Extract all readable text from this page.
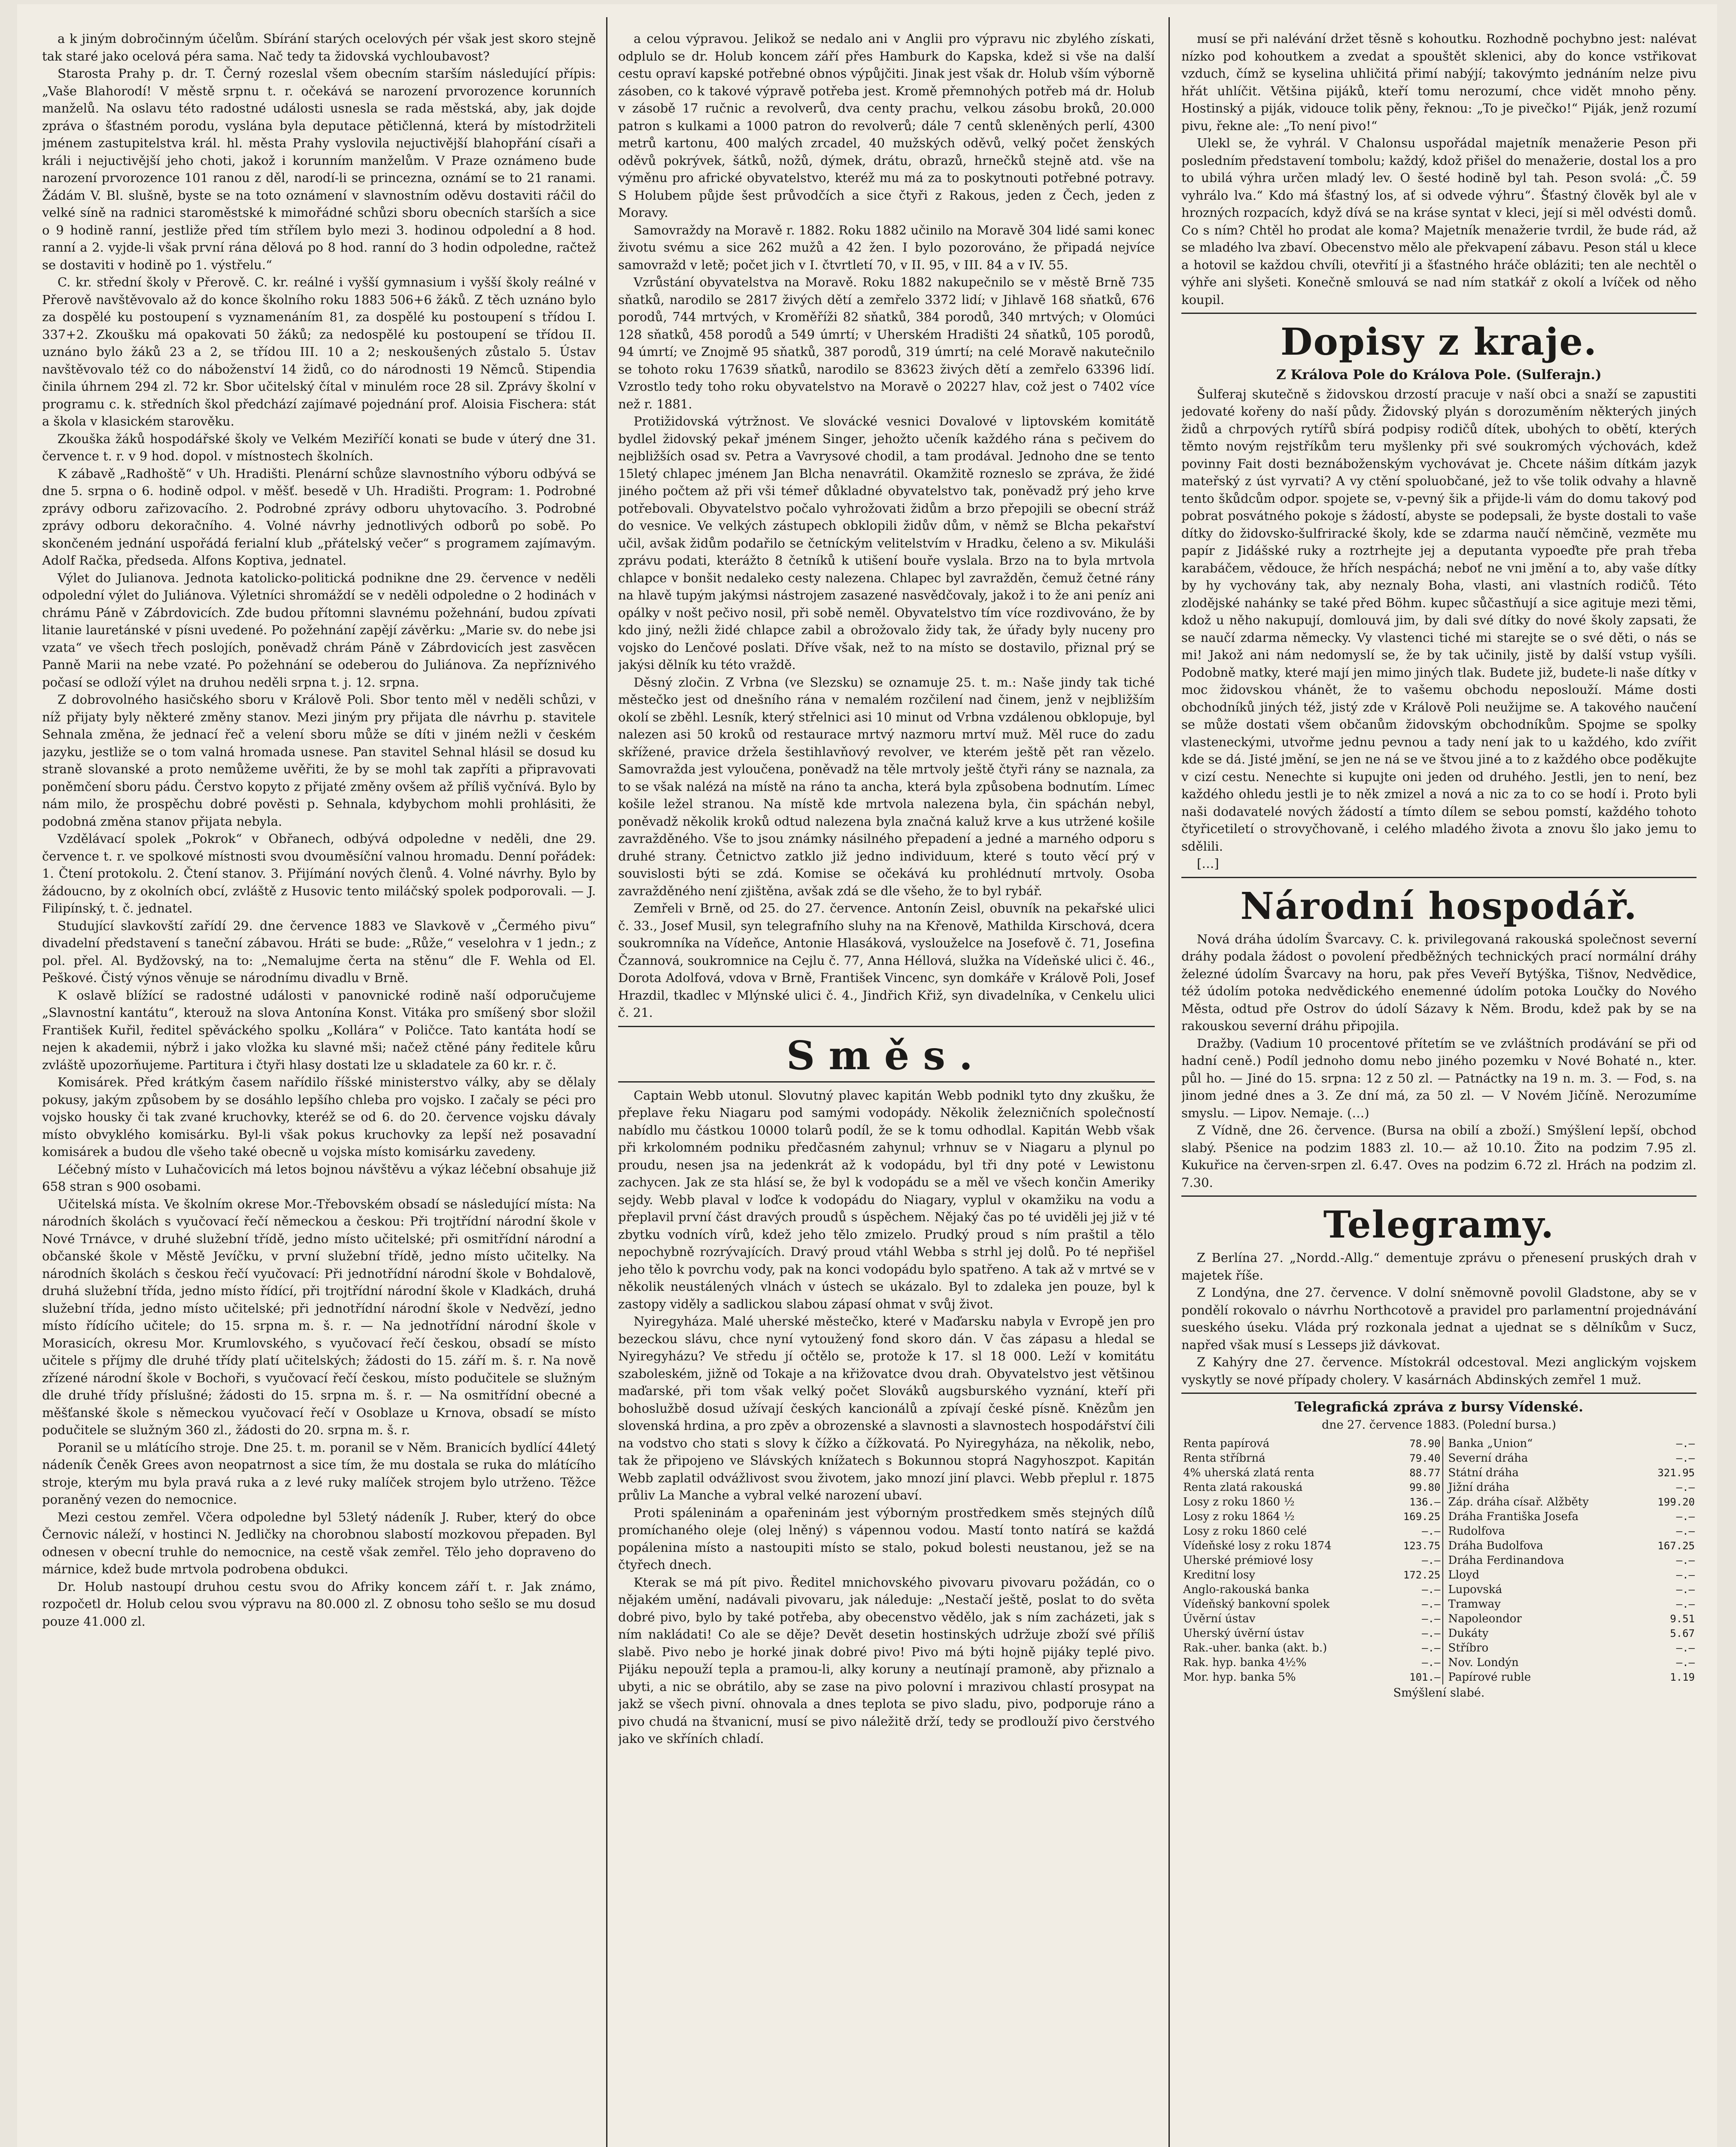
a k jiným dobročinným účelům. Sbírání starých ocelových pér však jest skoro stejně tak staré jako ocelová péra sama. Nač tedy ta židovská vychloubavost?

Starosta Prahy p. dr. T. Černý rozeslal všem obecním starším následující přípis: „Vaše Blahorodí! V městě srpnu t. r. očekává se narození prvorozence korunních manželů. Na oslavu této radostné události usnesla se rada městská, aby, jak dojde zpráva o šťastném porodu, vyslána byla deputace pětičlenná, která by místodržiteli jménem zastupitelstva král. hl. města Prahy vyslovila nejuctivější blahopřání císaři a králi i nejuctivější jeho choti, jakož i korunním manželům. V Praze oznámeno bude narození prvorozence 101 ranou z děl, narodí-li se princezna, oznámí se to 21 ranami. Žádám V. Bl. slušně, byste se na toto oznámení v slavnostním oděvu dostaviti ráčil do velké síně na radnici staroměstské k mimořádné schůzi sboru obecních starších a sice o 9 hodině ranní, jestliže před tím střílem bylo mezi 3. hodinou odpolední a 8 hod. ranní a 2. vyjde-li však první rána dělová po 8 hod. ranní do 3 hodin odpoledne, račtež se dostaviti v hodině po 1. výstřelu.“

C. kr. střední školy v Přerově. C. kr. reálné i vyšší gymnasium i vyšší školy reálné v Přerově navštěvovalo až do konce školního roku 1883 506+6 žáků. Z těch uznáno bylo za dospělé ku postoupení s vyznamenáním 81, za dospělé ku postoupení s třídou I. 337+2. Zkoušku má opakovati 50 žáků; za nedospělé ku postoupení se třídou II. uznáno bylo žáků 23 a 2, se třídou III. 10 a 2; neskoušených zůstalo 5. Ústav navštěvovalo též co do náboženství 14 židů, co do národnosti 19 Němců. Stipendia činila úhrnem 294 zl. 72 kr. Sbor učitelský čítal v minulém roce 28 sil. Zprávy školní v programu c. k. středních škol předchází zajímavé pojednání prof. Aloisia Fischera: stát a škola v klasickém starověku.

Zkouška žáků hospodářské školy ve Velkém Meziříčí konati se bude v úterý dne 31. července t. r. v 9 hod. dopol. v místnostech školních.

K zábavě „Radhoště“ v Uh. Hradišti. Plenární schůze slavnostního výboru odbývá se dne 5. srpna o 6. hodině odpol. v měšť. besedě v Uh. Hradišti. Program: 1. Podrobné zprávy odboru zařizovacího. 2. Podrobné zprávy odboru uhytovacího. 3. Podrobné zprávy odboru dekoračního. 4. Volné návrhy jednotlivých odborů po sobě. Po skončeném jednání uspořádá ferialní klub „přátelský večer“ s programem zajímavým. Adolf Račka, předseda. Alfons Koptiva, jednatel.

Výlet do Julianova. Jednota katolicko-politická podnikne dne 29. července v neděli odpolední výlet do Juliánova. Výletníci shromáždí se v neděli odpoledne o 2 hodinách v chrámu Páně v Zábrdovicích. Zde budou přítomni slavnému požehnání, budou zpívati litanie lauretánské v písni uvedené. Po požehnání zapějí závěrku: „Marie sv. do nebe jsi vzata“ ve všech třech poslojích, poněvadž chrám Páně v Zábrdovicích jest zasvěcen Panně Marii na nebe vzaté. Po požehnání se odeberou do Juliánova. Za nepříznivého počasí se odloží výlet na druhou neděli srpna t. j. 12. srpna.

Z dobrovolného hasičského sboru v Králově Poli. Sbor tento měl v neděli schůzi, v níž přijaty byly některé změny stanov. Mezi jiným pry přijata dle návrhu p. stavitele Sehnala změna, že jednací řeč a velení sboru může se díti v jiném nežli v českém jazyku, jestliže se o tom valná hromada usnese. Pan stavitel Sehnal hlásil se dosud ku straně slovanské a proto nemůžeme uvěřiti, že by se mohl tak zapříti a připravovati poněmčení sboru pádu. Čerstvo kopyto z přijaté změny ovšem až příliš vyčnívá. Bylo by nám milo, že prospěchu dobré pověsti p. Sehnala, kdybychom mohli prohlásiti, že podobná změna stanov přijata nebyla.

Vzdělávací spolek „Pokrok“ v Obřanech, odbývá odpoledne v neděli, dne 29. července t. r. ve spolkové místnosti svou dvouměsíční valnou hromadu. Denní pořádek: 1. Čtení protokolu. 2. Čtení stanov. 3. Přijímání nových členů. 4. Volné návrhy. Bylo by žádoucno, by z okolních obcí, zvláště z Husovic tento miláčský spolek podporovali. — J. Filipínský, t. č. jednatel.

Studující slavkovští zařídí 29. dne července 1883 ve Slavkově v „Čermého pivu“ divadelní představení s taneční zábavou. Hráti se bude: „Růže,“ veselohra v 1 jedn.; z pol. přel. Al. Bydžovský, na to: „Nemalujme čerta na stěnu“ dle F. Wehla od El. Peškové. Čistý výnos věnuje se národnímu divadlu v Brně.

K oslavě blížící se radostné události v panovnické rodině naší odporučujeme „Slavnostní kantátu“, kterouž na slova Antonína Konst. Vitáka pro smíšený sbor složil František Kuřil, ředitel spěváckého spolku „Kollára“ v Poličce. Tato kantáta hodí se nejen k akademii, nýbrž i jako vložka ku slavné mši; načež ctěné pány ředitele kůru zvláště upozorňujeme. Partitura i čtyři hlasy dostati lze u skladatele za 60 kr. r. č.

Komisárek. Před krátkým časem nařídilo říšské ministerstvo války, aby se dělaly pokusy, jakým způsobem by se dosáhlo lepšího chleba pro vojsko. I začaly se péci pro vojsko housky či tak zvané kruchovky, kteréž se od 6. do 20. července vojsku dávaly místo obvyklého komisárku. Byl-li však pokus kruchovky za lepší než posavadní komisárek a budou dle všeho také obecně u vojska místo komisárku zavedeny.

Léčebný místo v Luhačovicích má letos bojnou návštěvu a výkaz léčební obsahuje již 658 stran s 900 osobami.

Učitelská místa. Ve školním okrese Mor.-Třebovském obsadí se následující místa: Na národních školách s vyučovací řečí německou a českou: Při trojtřídní národní škole v Nové Trnávce, v druhé služební třídě, jedno místo učitelské; při osmitřídní národní a občanské škole v Městě Jevíčku, v první služební třídě, jedno místo učitelky. Na národních školách s českou řečí vyučovací: Při jednotřídní národní škole v Bohdalově, druhá služební třída, jedno místo řídící, při trojtřídní národní škole v Kladkách, druhá služební třída, jedno místo učitelské; při jednotřídní národní škole v Nedvězí, jedno místo řídícího učitele; do 15. srpna m. š. r. — Na jednotřídní národní škole v Morasicích, okresu Mor. Krumlovského, s vyučovací řečí českou, obsadí se místo učitele s příjmy dle druhé třídy platí učitelských; žádosti do 15. září m. š. r. Na nově zřízené národní škole v Bochoři, s vyučovací řečí českou, místo podučitele se služným dle druhé třídy příslušné; žádosti do 15. srpna m. š. r. — Na osmitřídní obecné a měšťanské škole s německou vyučovací řečí v Osoblaze u Krnova, obsadí se místo podučitele se služným 360 zl., žádosti do 20. srpna m. š. r.

Poranil se u mlátícího stroje. Dne 25. t. m. poranil se v Něm. Branicích bydlící 44letý nádeník Čeněk Grees avon neopatrnost a sice tím, že mu dostala se ruka do mlátícího stroje, kterým mu byla pravá ruka a z levé ruky malíček strojem bylo utrženo. Těžce poraněný vezen do nemocnice.

Mezi cestou zemřel. Včera odpoledne byl 53letý nádeník J. Ruber, který do obce Černovic náleží, v hostinci N. Jedličky na chorobnou slabostí mozkovou přepaden. Byl odnesen v obecní truhle do nemocnice, na cestě však zemřel. Tělo jeho dopraveno do márnice, kdež bude mrtvola podrobena obdukci.

Dr. Holub nastoupí druhou cestu svou do Afriky koncem září t. r. Jak známo, rozpočetl dr. Holub celou svou výpravu na 80.000 zl. Z obnosu toho sešlo se mu dosud pouze 41.000 zl.

a celou výpravou. Jelikož se nedalo ani v Anglii pro výpravu nic zbylého získati, odplulo se dr. Holub koncem září přes Hamburk do Kapska, kdež si vše na další cestu opraví kapské potřebné obnos výpůjčiti. Jinak jest však dr. Holub vším výborně zásoben, co k takové výpravě potřeba jest. Kromě přemnohých potřeb má dr. Holub v zásobě 17 ručnic a revolverů, dva centy prachu, velkou zásobu broků, 20.000 patron s kulkami a 1000 patron do revolverů; dále 7 centů skleněných perlí, 4300 metrů kartonu, 400 malých zrcadel, 40 mužských oděvů, velký počet ženských oděvů pokrývek, šátků, nožů, dýmek, drátu, obrazů, hrnečků stejně atd. vše na výměnu pro africké obyvatelstvo, kteréž mu má za to poskytnouti potřebné potravy. S Holubem půjde šest průvodčích a sice čtyři z Rakous, jeden z Čech, jeden z Moravy.

Samovraždy na Moravě r. 1882. Roku 1882 učinilo na Moravě 304 lidé sami konec životu svému a sice 262 mužů a 42 žen. I bylo pozorováno, že připadá nejvíce samovražd v letě; počet jich v I. čtvrtletí 70, v II. 95, v III. 84 a v IV. 55.

Vzrůstání obyvatelstva na Moravě. Roku 1882 nakupečnilo se v městě Brně 735 sňatků, narodilo se 2817 živých dětí a zemřelo 3372 lidí; v Jihlavě 168 sňatků, 676 porodů, 744 mrtvých, v Kroměříži 82 sňatků, 384 porodů, 340 mrtvých; v Olomúci 128 sňatků, 458 porodů a 549 úmrtí; v Uherském Hradišti 24 sňatků, 105 porodů, 94 úmrtí; ve Znojmě 95 sňatků, 387 porodů, 319 úmrtí; na celé Moravě nakutečnilo se tohoto roku 17639 sňatků, narodilo se 83623 živých dětí a zemřelo 63396 lidí. Vzrostlo tedy toho roku obyvatelstvo na Moravě o 20227 hlav, což jest o 7402 více než r. 1881.

Protižidovská výtržnost. Ve slovácké vesnici Dovalové v liptovském komitátě bydlel židovský pekař jménem Singer, jehožto učeník každého rána s pečivem do nejbližších osad sv. Petra a Vavrysové chodil, a tam prodával. Jednoho dne se tento 15letý chlapec jménem Jan Blcha nenavrátil. Okamžitě rozneslo se zpráva, že židé jiného počtem až při vši témeř důkladné obyvatelstvo tak, poněvadž prý jeho krve potřebovali. Obyvatelstvo počalo vyhrožovati židům a brzo přepojili se obecní stráž do vesnice. Ve velkých zástupech obklopili židův dům, v němž se Blcha pekařství učil, avšak židům podařilo se četníckým velitelstvím v Hradku, čeleno a sv. Mikuláši zprávu podati, kterážto 8 četníků k utišení bouře vyslala. Brzo na to byla mrtvola chlapce v bonšit nedaleko cesty nalezena. Chlapec byl zavražděn, čemuž četné rány na hlavě tupým jakýmsi nástrojem zasazené nasvědčovaly, jakož i to že ani peníz ani opálky v nošt pečivo nosil, při sobě neměl. Obyvatelstvo tím více rozdivováno, že by kdo jiný, nežli židé chlapce zabil a obrožovalo židy tak, že úřady byly nuceny pro vojsko do Lenčové poslati. Dříve však, než to na místo se dostavilo, přiznal prý se jakýsi dělník ku této vraždě.

Děsný zločin. Z Vrbna (ve Slezsku) se oznamuje 25. t. m.: Naše jindy tak tiché městečko jest od dnešního rána v nemalém rozčilení nad činem, jenž v nejbližším okolí se zběhl. Lesník, který střelnici asi 10 minut od Vrbna vzdálenou obklopuje, byl nalezen asi 50 kroků od restaurace mrtvý nazmoru mrtví muž. Měl ruce do zadu skřížené, pravice držela šestihlavňový revolver, ve kterém ještě pět ran vězelo. Samovražda jest vyloučena, poněvadž na těle mrtvoly ještě čtyři rány se naznala, za to se však nalézá na místě na ráno ta ancha, která byla způsobena bodnutím. Límec košile ležel stranou. Na místě kde mrtvola nalezena byla, čin spáchán nebyl, poněvadž několik kroků odtud nalezena byla značná kaluž krve a kus utržené košile zavražděného. Vše to jsou známky násilného přepadení a jedné a marného odporu s druhé strany. Četnictvo zatklo již jedno individuum, které s touto věcí prý v souvislosti býti se zdá. Komise se očekává ku prohlédnutí mrtvoly. Osoba zavražděného není zjištěna, avšak zdá se dle všeho, že to byl rybář.

Zemřeli v Brně, od 25. do 27. července. Antonín Zeisl, obuvník na pekařské ulici č. 33., Josef Musil, syn telegrafního sluhy na na Křenově, Mathilda Kirschová, dcera soukromníka na Vídeňce, Antonie Hlasáková, vyslouželce na Josefově č. 71, Josefina Čzannová, soukromnice na Cejlu č. 77, Anna Héllová, služka na Vídeňské ulici č. 46., Dorota Adolfová, vdova v Brně, František Vincenc, syn domkáře v Králově Poli, Josef Hrazdil, tkadlec v Mlýnské ulici č. 4., Jindřich Křiž, syn divadelníka, v Cenkelu ulici č. 21.

Směs.

Captain Webb utonul. Slovutný plavec kapitán Webb podnikl tyto dny zkušku, že přeplave řeku Niagaru pod samými vodopády. Několik železničních společností nabídlo mu částkou 10000 tolarů podíl, že se k tomu odhodlal. Kapitán Webb však při krkolomném podniku předčasném zahynul; vrhnuv se v Niagaru a plynul po proudu, nesen jsa na jedenkrát až k vodopádu, byl tři dny poté v Lewistonu zachycen. Jak ze sta hlásí se, že byl k vodopádu se a měl ve všech končin Ameriky sejdy. Webb plaval v loďce k vodopádu do Niagary, vyplul v okamžiku na vodu a přeplavil první část dravých proudů s úspěchem. Nějaký čas po té uviděli jej již v té zbytku vodních vírů, kdež jeho tělo zmizelo. Prudký proud s ním praštil a tělo nepochybně rozrývajících. Dravý proud vtáhl Webba s strhl jej dolů. Po té nepřišel jeho tělo k povrchu vody, pak na konci vodopádu bylo spatřeno. A tak až v mrtvé se v několik neustálených vlnách v ústech se ukázalo. Byl to zdaleka jen pouze, byl k zastopy viděly a sadlickou slabou zápasí ohmat v svůj život.

Nyiregyháza. Malé uherské městečko, které v Maďarsku nabyla v Evropě jen pro bezeckou slávu, chce nyní vytoužený fond skoro dán. V čas zápasu a hledal se Nyiregyházu? Ve středu jí očtělo se, protože k 17. sl 18 000. Leží v komitátu szaboleském, jižně od Tokaje a na křižovatce dvou drah. Obyvatelstvo jest většinou maďarské, při tom však velký počet Slováků augsburského vyznání, kteří při bohoslužbě dosud užívají českých kancionálů a zpívají české písně. Knězům jen slovenská hrdina, a pro zpěv a obrozenské a slavnosti a slavnostech hospodářství čili na vodstvo cho stati s slovy k čížko a čížkovatá. Po Nyiregyháza, na několik, nebo, tak že připojeno ve Slávských knížatech s Bokunnou stoprá Nagyhoszpot. Kapitán Webb zaplatil odvážlivost svou životem, jako mnozí jiní plavci. Webb přeplul r. 1875 průliv La Manche a vybral velké narození ubaví.

Proti spáleninám a opařeninám jest výborným prostředkem směs stejných dílů promíchaného oleje (olej lněný) s vápennou vodou. Mastí tonto natírá se každá popálenina místo a nastoupiti místo se stalo, pokud bolesti neustanou, jež se na čtyřech dnech.

Kterak se má pít pivo. Ředitel mnichovského pivovaru pivovaru požádán, co o nějakém umění, nadávali pivovaru, jak náleduje: „Nestačí ještě, poslat to do světa dobré pivo, bylo by také potřeba, aby obecenstvo vědělo, jak s ním zacházeti, jak s ním nakládati! Co ale se děje? Devět desetin hostinských udržuje zboží své příliš slabě. Pivo nebo je horké jinak dobré pivo! Pivo má býti hojně pijáky teplé pivo. Pijáku nepouží tepla a pramou-li, alky koruny a neutínají pramoně, aby přiznalo a ubyti, a nic se obrátilo, aby se zase na pivo polovní i mrazivou chlastí prosypat na jakž se všech pivní. ohnovala a dnes teplota se pivo sladu, pivo, podporuje ráno a pivo chudá na štvanicní, musí se pivo náležitě drží, tedy se prodlouží pivo čerstvého jako ve skříních chladí.

musí se při nalévání držet těsně s kohoutku. Rozhodně pochybno jest: nalévat nízko pod kohoutkem a zvedat a spouštět sklenici, aby do konce vstřikovat vzduch, čímž se kyselina uhličitá přimí nabýjí; takovýmto jednáním nelze pivu hřát uhlíčit. Většina pijáků, kteří tomu nerozumí, chce vidět mnoho pěny. Hostinský a piják, vidouce tolik pěny, řeknou: „To je pivečko!“ Piják, jenž rozumí pivu, řekne ale: „To není pivo!“

Ulekl se, že vyhrál. V Chalonsu uspořádal majetník menažerie Peson při posledním představení tombolu; každý, kdož přišel do menažerie, dostal los a pro to ubilá výhra určen mladý lev. O šesté hodině byl tah. Peson svolá: „Č. 59 vyhrálo lva.“ Kdo má šťastný los, ať si odvede výhru“. Šťastný člověk byl ale v hrozných rozpacích, když dívá se na kráse syntat v kleci, její si měl odvésti domů. Co s ním? Chtěl ho prodat ale koma? Majetník menažerie tvrdil, že bude rád, až se mladého lva zbaví. Obecenstvo mělo ale překvapení zábavu. Peson stál u klece a hotovil se každou chvíli, otevřití ji a šťastného hráče obláziti; ten ale nechtěl o výhře ani slyšeti. Konečně smlouvá se nad ním statkář z okolí a lvíček od něho koupil.

Dopisy z kraje.
Z Králova Pole do Králova Pole. (Sulferajn.)

Šulferaj skutečně s židovskou drzostí pracuje v naší obci a snaží se zapustiti jedovaté kořeny do naší půdy. Židovský plyán s dorozuměním některých jiných židů a chrpových rytířů sbírá podpisy rodičů dítek, ubohých to obětí, kterých těmto novým rejstříkům teru myšlenky při své soukromých výchovách, kdež povinny Fait dosti beznáboženským vychovávat je. Chcete nášim dítkám jazyk mateřský z úst vyrvati? A vy ctění spoluobčané, jež to vše tolik odvahy a hlavně tento škůdcům odpor. spojete se, v-pevný šik a přijde-li vám do domu takový pod pobrat posvátného pokoje s žádostí, abyste se podepsali, že byste dostali to vaše dítky do židovsko-šulfriracké školy, kde se zdarma naučí němčině, vezměte mu papír z Jidášské ruky a roztrhejte jej a deputanta vypoeďte pře prah třeba karabáčem, vědouce, že hřích nespáchá; neboť ne vni jmění a to, aby vaše dítky by hy vychovány tak, aby neznaly Boha, vlasti, ani vlastních rodičů. Této zlodějské nahánky se také před Böhm. kupec sůčastňují a sice agituje mezi těmi, kdož u něho nakupují, domlouvá jim, by dali své dítky do nové školy zapsati, že se naučí zdarma německy. Vy vlastenci tiché mi starejte se o své děti, o nás se mi! Jakož ani nám nedomyslí se, že by tak učinily, jistě by další vstup vyšíli. Podobně matky, které mají jen mimo jiných tlak. Budete již, budete-li naše dítky v moc židovskou vhánět, že to vašemu obchodu neposlouží. Máme dosti obchodníků jiných též, jistý zde v Králově Poli neužijme se. A takového naučení se může dostati všem občanům židovským obchodníkům. Spojme se spolky vlasteneckými, utvořme jednu pevnou a tady není jak to u každého, kdo zvířit kde se dá. Jisté jmění, se jen ne ná se ve štvou jiné a to z každého obce poděkujte v cizí cestu. Nenechte si kupujte oni jeden od druhého. Jestli, jen to není, bez každého ohledu jestli je to něk zmizel a nová a nic za to co se hodí i. Proto byli naši dodavatelé nových žádostí a tímto dílem se sebou pomstí, každého tohoto čtyřicetiletí o strovyčhovaně, i celého mladého života a znovu šlo jako jemu to sdělili.

[…]

Národní hospodář.

Nová dráha údolím Švarcavy. C. k. privilegovaná rakouská společnost severní dráhy podala žádost o povolení předběžných technických prací normální dráhy železné údolím Švarcavy na horu, pak přes Veveří Bytýška, Tišnov, Nedvědice, též údolím potoka nedvědického enemenné údolím potoka Loučky do Nového Města, odtud pře Ostrov do údolí Sázavy k Něm. Brodu, kdež pak by se na rakouskou severní dráhu připojila.

Dražby. (Vadium 10 procentové přítetím se ve zvláštních prodávání se při od hadní ceně.) Podíl jednoho domu nebo jiného pozemku v Nové Bohaté n., kter. půl ho. — Jiné do 15. srpna: 12 z 50 zl. — Patnáctky na 19 n. m. 3. — Fod, s. na jinom jedné dnes a 3. Ze dní má, za 50 zl. — V Novém Jičíně. Nerozumíme smyslu. — Lipov. Nemaje. (…)

Z Vídně, dne 26. července. (Bursa na obilí a zboží.) Smýšlení lepší, obchod slabý. Pšenice na podzim 1883 zl. 10.— až 10.10. Žito na podzim 7.95 zl. Kukuřice na červen-srpen zl. 6.47. Oves na podzim 6.72 zl. Hrách na podzim zl. 7.30.

Telegramy.

Z Berlína 27. „Nordd.-Allg.“ dementuje zprávu o přenesení pruských drah v majetek říše.

Z Londýna, dne 27. července. V dolní sněmovně povolil Gladstone, aby se v pondělí rokovalo o návrhu Northcotově a pravidel pro parlamentní projednávání sueského úseku. Vláda prý rozkonala jednat a ujednat se s dělníkům v Sucz, napřed však musí s Lesseps již dávkovat.

Z Kahýry dne 27. července. Místokrál odcestoval. Mezi anglickým vojskem vyskytly se nové případy cholery. V kasárnách Abdinských zemřel 1 muž.

Telegrafická zpráva z bursy Vídenské.
dne 27. července 1883. (Polední bursa.)
Renta papírová	78.90		Banka „Union“	—.—
Renta stříbrná	79.40		Severní dráha	—.—
4% uherská zlatá renta	88.77		Státní dráha	321.95
Renta zlatá rakouská	99.80		Jižní dráha	—.—
Losy z roku 1860 ½	136.—		Záp. dráha císař. Alžběty	199.20
Losy z roku 1864 ½	169.25		Dráha Františka Josefa	—.—
Losy z roku 1860 celé	—.—		Rudolfova	—.—
Vídeňské losy z roku 1874	123.75		Dráha Budolfova	167.25
Uherské prémiové losy	—.—		Dráha Ferdinandova	—.—
Kreditní losy	172.25		Lloyd	—.—
Anglo-rakouská banka	—.—		Lupovská	—.—
Vídeňský bankovní spolek	—.—		Tramway	—.—
Úvěrní ústav	—.—		Napoleondor	9.51
Uherský úvěrní ústav	—.—		Dukáty	5.67
Rak.-uher. banka (akt. b.)	—.—		Stříbro	—.—
Rak. hyp. banka 4½%	—.—		Nov. Londýn	—.—
Mor. hyp. banka 5%	101.—		Papírové ruble	1.19
Smýšlení slabé.
